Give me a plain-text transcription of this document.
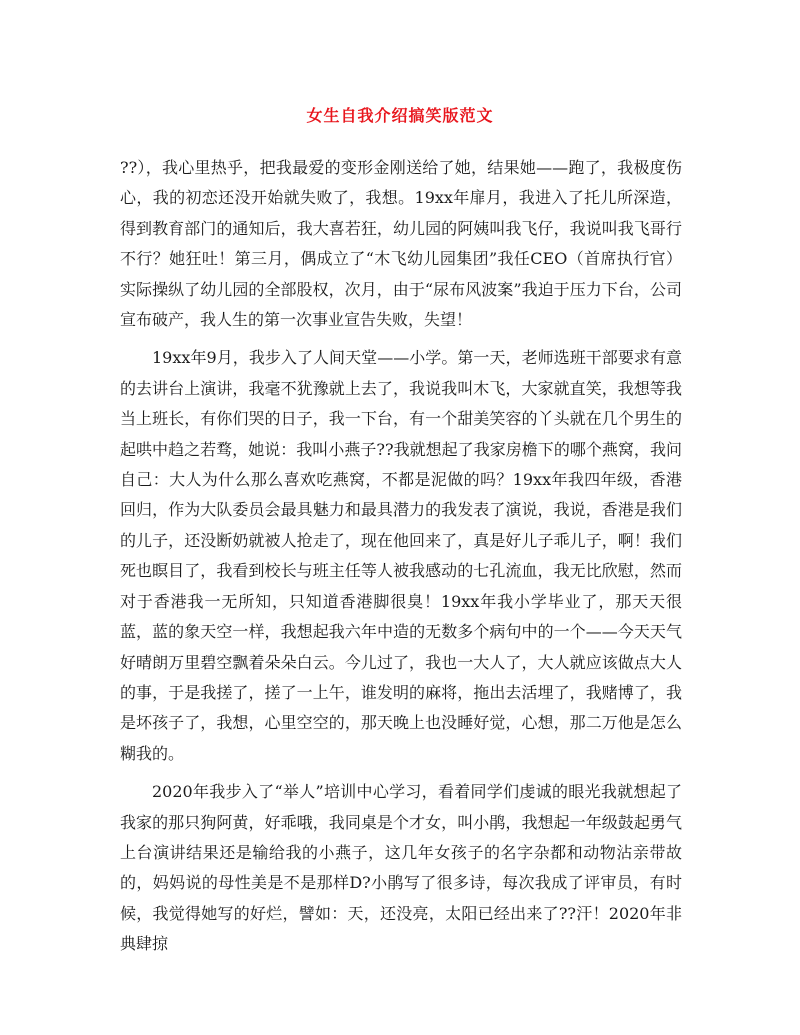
女生自我介绍搞笑版范文

??），我心里热乎，把我最爱的变形金刚送给了她，结果她——跑了，我极度伤心，我的初恋还没开始就失败了，我想。19xx年扉月，我进入了托儿所深造，得到教育部门的通知后，我大喜若狂，幼儿园的阿姨叫我飞仔，我说叫我飞哥行不行？她狂吐！第三月，偶成立了“木飞幼儿园集团”我任CEO（首席执行官）实际操纵了幼儿园的全部股权，次月，由于“尿布风波案”我迫于压力下台，公司宣布破产，我人生的第一次事业宣告失败，失望！

19xx年9月，我步入了人间天堂——小学。第一天，老师选班干部要求有意的去讲台上演讲，我毫不犹豫就上去了，我说我叫木飞，大家就直笑，我想等我当上班长，有你们哭的日子，我一下台，有一个甜美笑容的丫头就在几个男生的起哄中趋之若骛，她说：我叫小燕子??我就想起了我家房檐下的哪个燕窝，我问自己：大人为什么那么喜欢吃燕窝，不都是泥做的吗？19xx年我四年级，香港回归，作为大队委员会最具魅力和最具潜力的我发表了演说，我说，香港是我们的儿子，还没断奶就被人抢走了，现在他回来了，真是好儿子乖儿子，啊！我们死也瞑目了，我看到校长与班主任等人被我感动的七孔流血，我无比欣慰，然而对于香港我一无所知，只知道香港脚很臭！19xx年我小学毕业了，那天天很蓝，蓝的象天空一样，我想起我六年中造的无数多个病句中的一个——今天天气好晴朗万里碧空飘着朵朵白云。今儿过了，我也一大人了，大人就应该做点大人的事，于是我搓了，搓了一上午，谁发明的麻将，拖出去活埋了，我赌博了，我是坏孩子了，我想，心里空空的，那天晚上也没睡好觉，心想，那二万他是怎么糊我的。

2020年我步入了“举人”培训中心学习，看着同学们虔诚的眼光我就想起了我家的那只狗阿黄，好乖哦，我同桌是个才女，叫小鹃，我想起一年级鼓起勇气上台演讲结果还是输给我的小燕子，这几年女孩子的名字杂都和动物沾亲带故的，妈妈说的母性美是不是那样D?小鹃写了很多诗，每次我成了评审员，有时候，我觉得她写的好烂，譬如：天，还没亮，太阳已经出来了??汗！2020年非典肆掠
